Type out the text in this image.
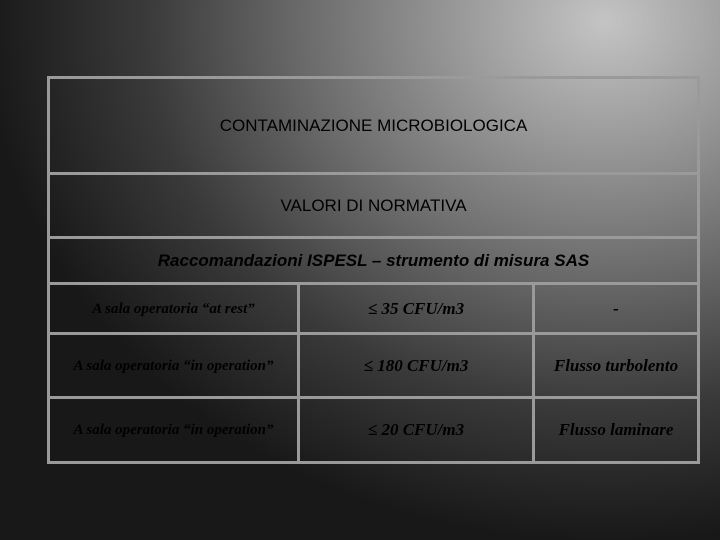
CONTAMINAZIONE MICROBIOLOGICA		
VALORI DI NORMATIVA		
Raccomandazioni ISPESL – strumento di misura SAS		
A sala operatoria “at rest”	≤ 35 CFU/m3	-
A sala operatoria “in operation”	≤ 180 CFU/m3	Flusso turbolento
A sala operatoria “in operation”	≤ 20 CFU/m3	Flusso laminare
